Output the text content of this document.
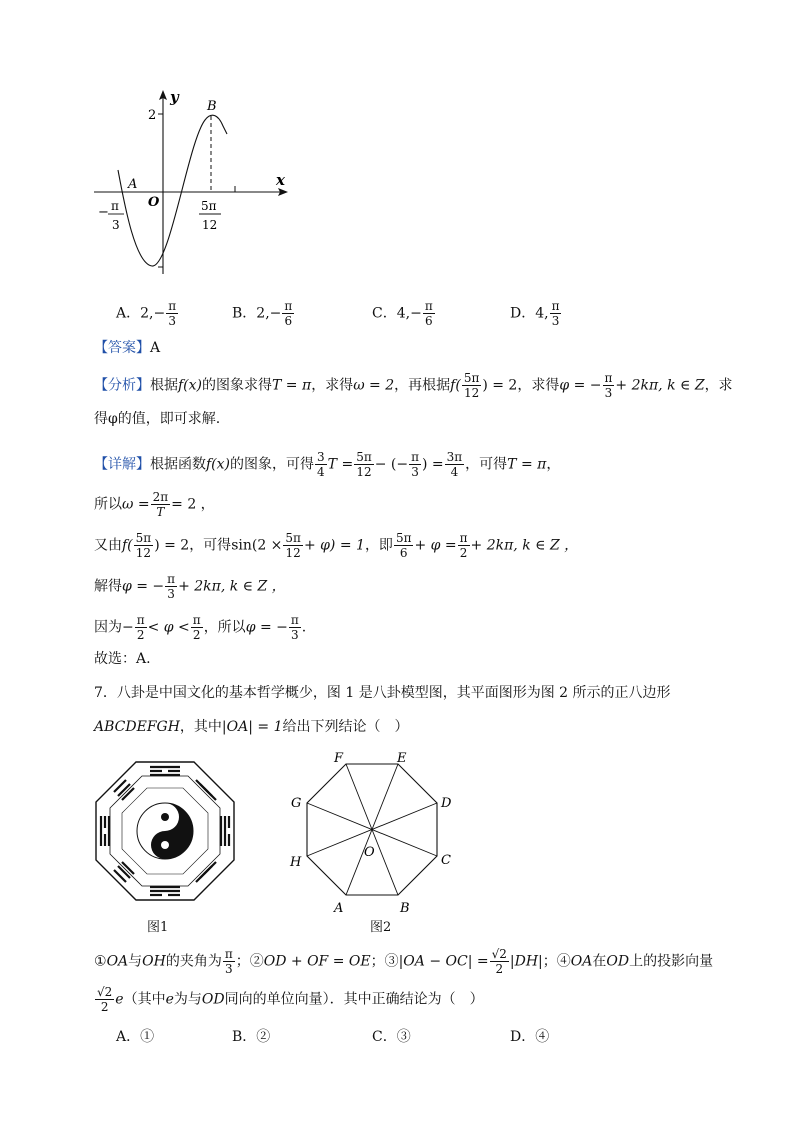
y
x
2
A
B
O
− π
3
5π
12
A．$2,- \frac{\pi}{3}$	B．$2,- \frac{\pi}{6}$	C．$4,- \frac{\pi}{6}$	D．4, $\frac{\pi}{3}$
【答案】A
【分析】根据f(x)的图象求得T = π，求得ω = 2，再根据$f( \frac{5\pi}{12}$ ) = 2，求得φ = − $\frac{\pi}{3} + 2k\pi$, k ∈ Z，求
得φ的值，即可求解.
【详解】根据函数f(x)的图象，可得 $\frac{3}{4}$ $T = \frac{5\pi}{12}$ − (− $\frac{\pi}{3}$ ) = $\frac{3\pi}{4}$ ，可得T = π，
所以$\omega = \frac{2\pi}{T} = 2$ ，
又由$f( \frac{5\pi}{12}$ ) = 2，可得$\sin(2 \times \frac{5\pi}{12} + \varphi) = 1$，即 $\frac{5\pi}{6} + \varphi = \frac{\pi}{2} + 2k\pi$, k ∈ Z ，
解得φ = − $\frac{\pi}{3} + 2k\pi$, k ∈ Z ，
因为− $\frac{\pi}{2} < \varphi < \frac{\pi}{2}$ ，所以φ = − $\frac{\pi}{3}$ .
故选：A.
7．八卦是中国文化的基本哲学概少，图 1 是八卦模型图，其平面图形为图 2 所示的正八边形
ABCDEFGH，其中|OA| = 1给出下列结论（　）
图1
F	E
G	D
H	C
A	B
O
图2
①OA与OH的夹角为 $\frac{\pi}{3}$ ；②OD + OF = OE；③|OA − $OC| = \frac{√2}{2} |DH|$；④OA在OD上的投影向量
$\frac{√2}{2} e$（其中e为与OD同向的单位向量）．其中正确结论为（　）
A．①	B．②	C．③	D．④
